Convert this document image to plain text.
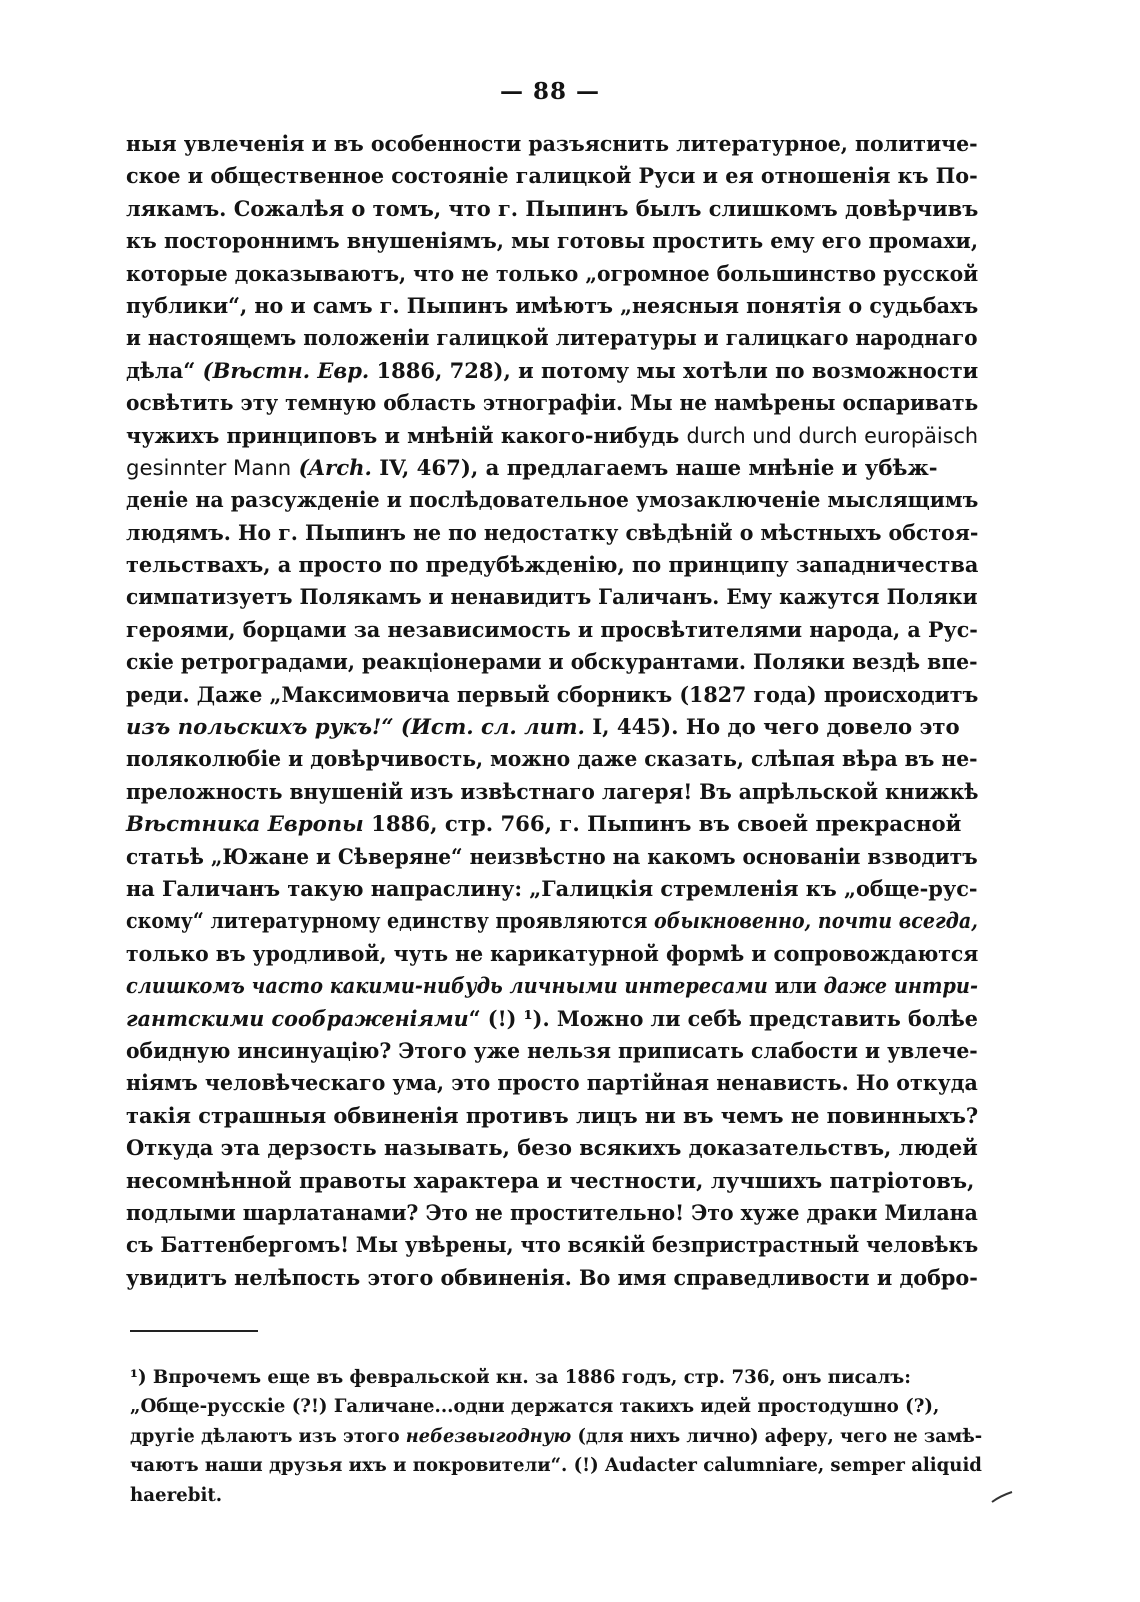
— 88 —
ныя увлеченія и въ особенности разъяснить литературное, политиче-
ское и общественное состояніе галицкой Руси и ея отношенія къ По-
лякамъ. Сожалѣя о томъ, что г. Пыпинъ былъ слишкомъ довѣрчивъ
къ постороннимъ внушеніямъ, мы готовы простить ему его промахи,
которые доказываютъ, что не только „огромное большинство русской
публики“, но и самъ г. Пыпинъ имѣютъ „неясныя понятія о судьбахъ
и настоящемъ положеніи галицкой литературы и галицкаго народнаго
дѣла“ (Вѣстн. Евр. 1886, 728), и потому мы хотѣли по возможности
освѣтить эту темную область этнографіи. Мы не намѣрены оспаривать
чужихъ принциповъ и мнѣній какого-нибудь durch und durch europäisch
gesinnter Mann (Arch. IV, 467), а предлагаемъ наше мнѣніе и убѣж-
деніе на разсужденіе и послѣдовательное умозаключеніе мыслящимъ
людямъ. Но г. Пыпинъ не по недостатку свѣдѣній о мѣстныхъ обстоя-
тельствахъ, а просто по предубѣжденію, по принципу западничества
симпатизуетъ Полякамъ и ненавидитъ Галичанъ. Ему кажутся Поляки
героями, борцами за независимость и просвѣтителями народа, а Рус-
скіе ретроградами, реакціонерами и обскурантами. Поляки вездѣ впе-
реди. Даже „Максимовича первый сборникъ (1827 года) происходитъ
изъ польскихъ рукъ!“ (Ист. сл. лит. I, 445). Но до чего довело это
поляколюбіе и довѣрчивость, можно даже сказать, слѣпая вѣра въ не-
преложность внушеній изъ извѣстнаго лагеря! Въ апрѣльской книжкѣ
Вѣстника Европы 1886, стр. 766, г. Пыпинъ въ своей прекрасной
статьѣ „Южане и Сѣверяне“ неизвѣстно на какомъ основаніи взводитъ
на Галичанъ такую напраслину: „Галицкія стремленія къ „обще-рус-
скому“ литературному единству проявляются обыкновенно, почти всегда,
только въ уродливой, чуть не карикатурной формѣ и сопровождаются
слишкомъ часто какими-нибудь личными интересами или даже интри-
гантскими соображеніями“ (!) ¹). Можно ли себѣ представить болѣе
обидную инсинуацію? Этого уже нельзя приписать слабости и увлече-
ніямъ человѣческаго ума, это просто партійная ненависть. Но откуда
такія страшныя обвиненія противъ лицъ ни въ чемъ не повинныхъ?
Откуда эта дерзость называть, безо всякихъ доказательствъ, людей
несомнѣнной правоты характера и честности, лучшихъ патріотовъ,
подлыми шарлатанами? Это не простительно! Это хуже драки Милана
съ Баттенбергомъ! Мы увѣрены, что всякій безпристрастный человѣкъ
увидитъ нелѣпость этого обвиненія. Во имя справедливости и добро-
¹) Впрочемъ еще въ февральской кн. за 1886 годъ, стр. 736, онъ писалъ:
„Обще-русскіе (?!) Галичане...одни держатся такихъ идей простодушно (?),
другіе дѣлаютъ изъ этого небезвыгодную (для нихъ лично) аферу, чего не замѣ-
чаютъ наши друзья ихъ и покровители“. (!) Audacter calumniare, semper aliquid
haerebit.
